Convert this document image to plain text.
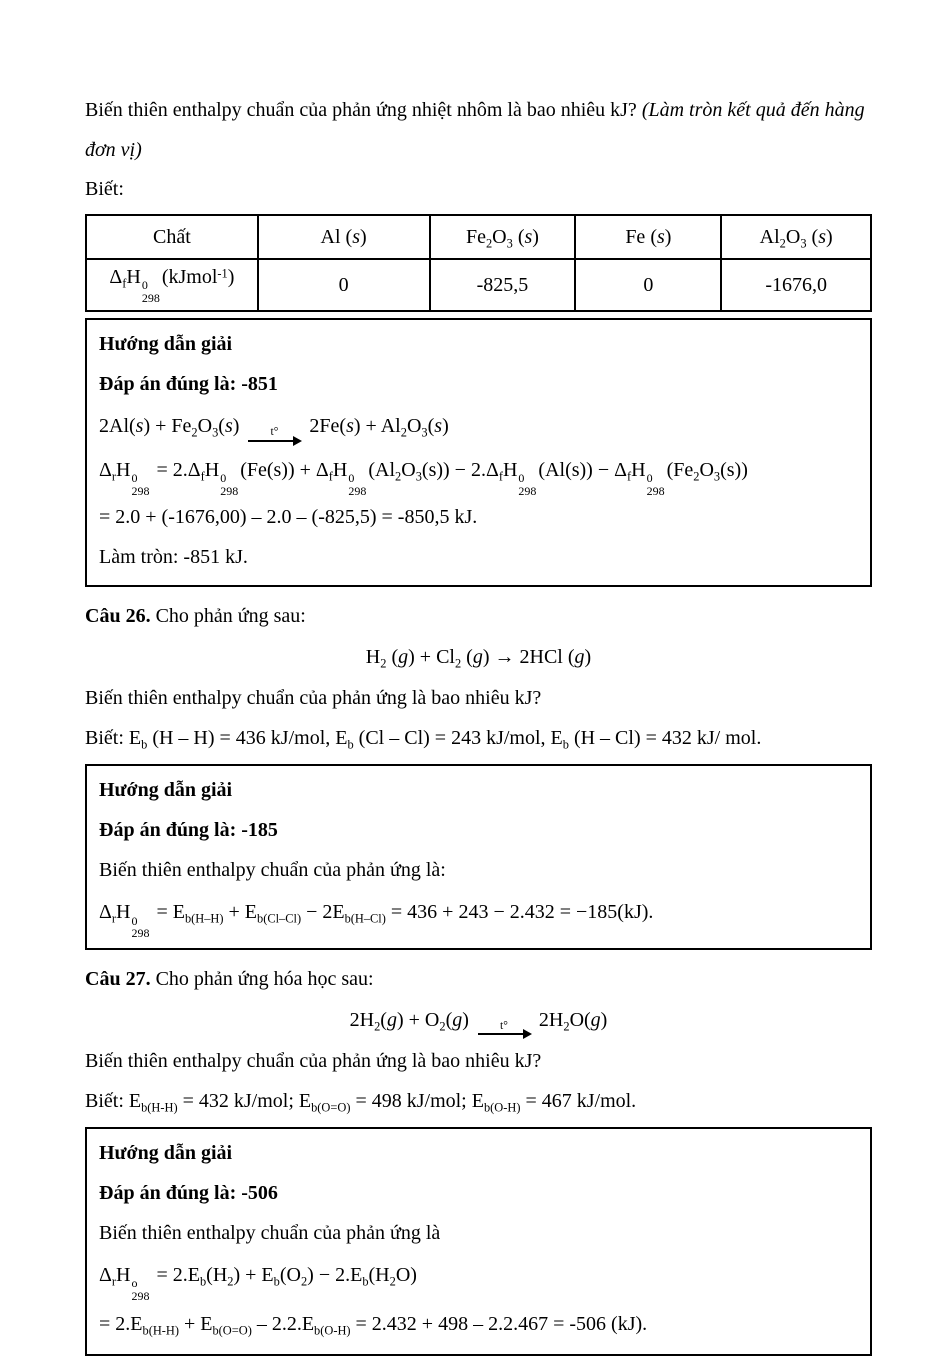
Biến thiên enthalpy chuẩn của phản ứng nhiệt nhôm là bao nhiêu kJ? (Làm tròn kết quả đến hàng đơn vị)

Biết:

Chất	Al (s)	$Fe_2O_3$ (s)	Fe (s)	$Al_2O_3$ (s)
$\Delta_fH$ 0
298
(kJmol$^{-1}$)	0	-825,5	0	-1676,0
Hướng dẫn giải
Đáp án đúng là: -851
$2Al(s) + Fe_2O_3(s)$	t° $2Fe(s) + Al_2O_3(s)$
$\Delta_rH$ 0
298
= $2.\Delta_fH$ 0
298
$(Fe(s)) + \Delta_fH$ 0
298
$(Al_2O_3(s)) - 2.\Delta_fH$ 0
298
$(Al(s)) - \Delta_fH$ 0
298
$(Fe_2O_3(s))$
= 2.0 + (-1676,00) – 2.0 – (-825,5) = -850,5 kJ.
Làm tròn: -851 kJ.

Câu 26. Cho phản ứng sau:

$H_2$ $(g) + Cl_2$ (g) → 2HCl (g)

Biến thiên enthalpy chuẩn của phản ứng là bao nhiêu kJ?

Biết: $E_b$ (H – H) = 436 kJ/mol, $E_b$ (Cl – Cl) = 243 kJ/mol, $E_b$ (H – Cl) = 432 kJ/ mol.

Hướng dẫn giải
Đáp án đúng là: -185
Biến thiên enthalpy chuẩn của phản ứng là:
$\Delta_rH$ 0
298
= $E_{b(H-H)} + E_{b(Cl-Cl)} - 2E_{b(H-Cl)} = 436 + 243 - 2.432 = -185(kJ)$.

Câu 27. Cho phản ứng hóa học sau:

$2H_2(g) + O_2(g)$	t° $2H_2O(g)$

Biến thiên enthalpy chuẩn của phản ứng là bao nhiêu kJ?

Biết: $E_{b(H-H)} = 432$ kJ/mol; $E_{b(O=O)} = 498$ kJ/mol; $E_{b(O-H)} = 467$ kJ/mol.

Hướng dẫn giải
Đáp án đúng là: -506
Biến thiên enthalpy chuẩn của phản ứng là
$\Delta_rH$ o
298
= $2.E_b(H_2) + E_b(O_2) - 2.E_b(H_2O)$
= $2.E_{b(H-H)} + E_{b(O=O)} - 2.2.E_{b(O-H)} = 2.432 + 498 - 2.2.467 = -506$ (kJ).
